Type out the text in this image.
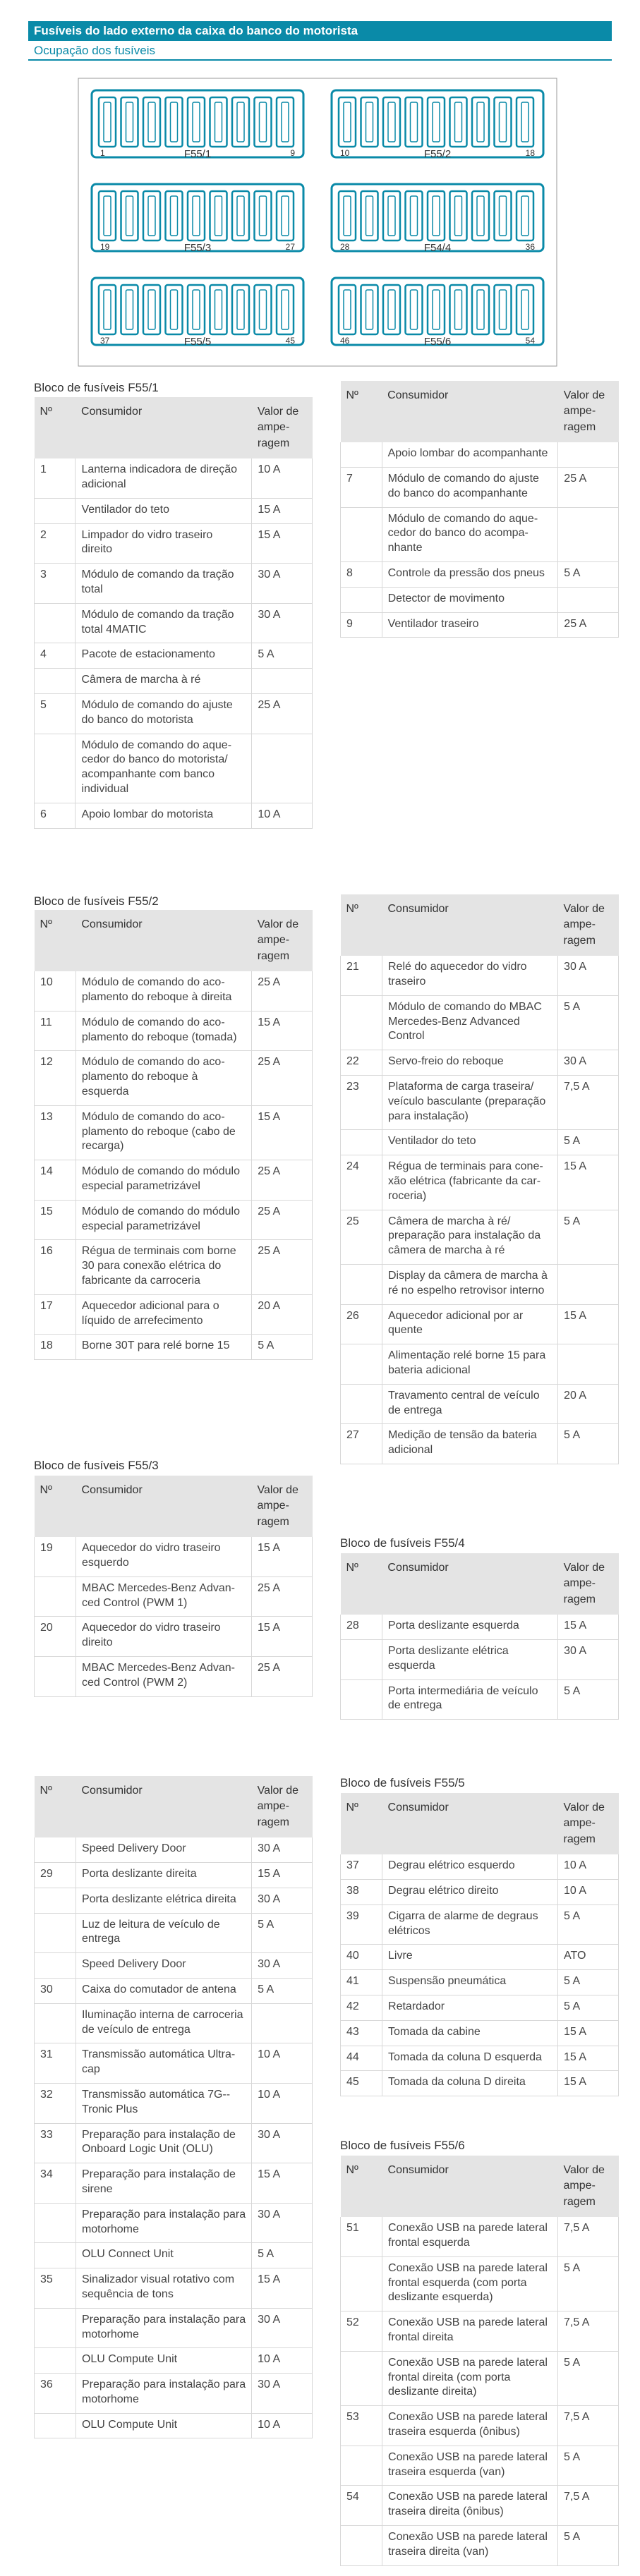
Fusíveis do lado externo da caixa do banco do motorista
Ocupação dos fusíveis
F55/1
1	9	F55/2
10	18
F55/3
19	27	F54/4
28	36
F55/5
37	45	F55/6
46	54
Bloco de fusíveis F55/1
Nº	Consumidor	Valor de amperagem
1	Lanterna indicadora de direção adicional	10 A
	Ventilador do teto	15 A
2	Limpador do vidro traseiro direito	15 A
3	Módulo de comando da tração total	30 A
	Módulo de comando da tração total 4MATIC	30 A
4	Pacote de estacionamento	5 A
	Câmera de marcha à ré	
5	Módulo de comando do ajuste do banco do motorista	25 A
	Módulo de comando do aquecedor do banco do motorista/ acompanhante com banco individual	
6	Apoio lombar do motorista	10 A
Nº	Consumidor	Valor de amperagem
	Apoio lombar do acompanhante	
7	Módulo de comando do ajuste do banco do acompanhante	25 A
	Módulo de comando do aquecedor do banco do acompanhante	
8	Controle da pressão dos pneus	5 A
	Detector de movimento	
9	Ventilador traseiro	25 A
Bloco de fusíveis F55/2
Nº	Consumidor	Valor de amperagem
10	Módulo de comando do acoplamento do reboque à direita	25 A
11	Módulo de comando do acoplamento do reboque (tomada)	15 A
12	Módulo de comando do acoplamento do reboque à esquerda	25 A
13	Módulo de comando do acoplamento do reboque (cabo de recarga)	15 A
14	Módulo de comando do módulo especial parametrizável	25 A
15	Módulo de comando do módulo especial parametrizável	25 A
16	Régua de terminais com borne 30 para conexão elétrica do fabricante da carroceria	25 A
17	Aquecedor adicional para o líquido de arrefecimento	20 A
18	Borne 30T para relé borne 15	5 A
Nº	Consumidor	Valor de amperagem
21	Relé do aquecedor do vidro traseiro	30 A
	Módulo de comando do MBAC Mercedes-Benz Advanced Control	5 A
22	Servo-freio do reboque	30 A
23	Plataforma de carga traseira/ veículo basculante (preparação para instalação)	7,5 A
	Ventilador do teto	5 A
24	Régua de terminais para conexão elétrica (fabricante da carroceria)	15 A
25	Câmera de marcha à ré/ preparação para instalação da câmera de marcha à ré	5 A
	Display da câmera de marcha à ré no espelho retrovisor interno	
26	Aquecedor adicional por ar quente	15 A
	Alimentação relé borne 15 para bateria adicional	
	Travamento central de veículo de entrega	20 A
27	Medição de tensão da bateria adicional	5 A
Bloco de fusíveis F55/3
Nº	Consumidor	Valor de amperagem
19	Aquecedor do vidro traseiro esquerdo	15 A
	MBAC Mercedes-Benz Advanced Control (PWM 1)	25 A
20	Aquecedor do vidro traseiro direito	15 A
	MBAC Mercedes-Benz Advanced Control (PWM 2)	25 A
Bloco de fusíveis F55/4
Nº	Consumidor	Valor de amperagem
28	Porta deslizante esquerda	15 A
	Porta deslizante elétrica esquerda	30 A
	Porta intermediária de veículo de entrega	5 A
Nº	Consumidor	Valor de amperagem
	Speed Delivery Door	30 A
29	Porta deslizante direita	15 A
	Porta deslizante elétrica direita	30 A
	Luz de leitura de veículo de entrega	5 A
	Speed Delivery Door	30 A
30	Caixa do comutador de antena	5 A
	Iluminação interna de carroceria de veículo de entrega	
31	Transmissão automática Ultracap	10 A
32	Transmissão automática 7G-Tronic Plus	10 A
33	Preparação para instalação de Onboard Logic Unit (OLU)	30 A
34	Preparação para instalação de sirene	15 A
	Preparação para instalação para motorhome	30 A
	OLU Connect Unit	5 A
35	Sinalizador visual rotativo com sequência de tons	15 A
	Preparação para instalação para motorhome	30 A
	OLU Compute Unit	10 A
36	Preparação para instalação para motorhome	30 A
	OLU Compute Unit	10 A
Bloco de fusíveis F55/5
Nº	Consumidor	Valor de amperagem
37	Degrau elétrico esquerdo	10 A
38	Degrau elétrico direito	10 A
39	Cigarra de alarme de degraus elétricos	5 A
40	Livre	ATO
41	Suspensão pneumática	5 A
42	Retardador	5 A
43	Tomada da cabine	15 A
44	Tomada da coluna D esquerda	15 A
45	Tomada da coluna D direita	15 A
Bloco de fusíveis F55/6
Nº	Consumidor	Valor de amperagem
51	Conexão USB na parede lateral frontal esquerda	7,5 A
	Conexão USB na parede lateral frontal esquerda (com porta deslizante esquerda)	5 A
52	Conexão USB na parede lateral frontal direita	7,5 A
	Conexão USB na parede lateral frontal direita (com porta deslizante direita)	5 A
53	Conexão USB na parede lateral traseira esquerda (ônibus)	7,5 A
	Conexão USB na parede lateral traseira esquerda (van)	5 A
54	Conexão USB na parede lateral traseira direita (ônibus)	7,5 A
	Conexão USB na parede lateral traseira direita (van)	5 A
